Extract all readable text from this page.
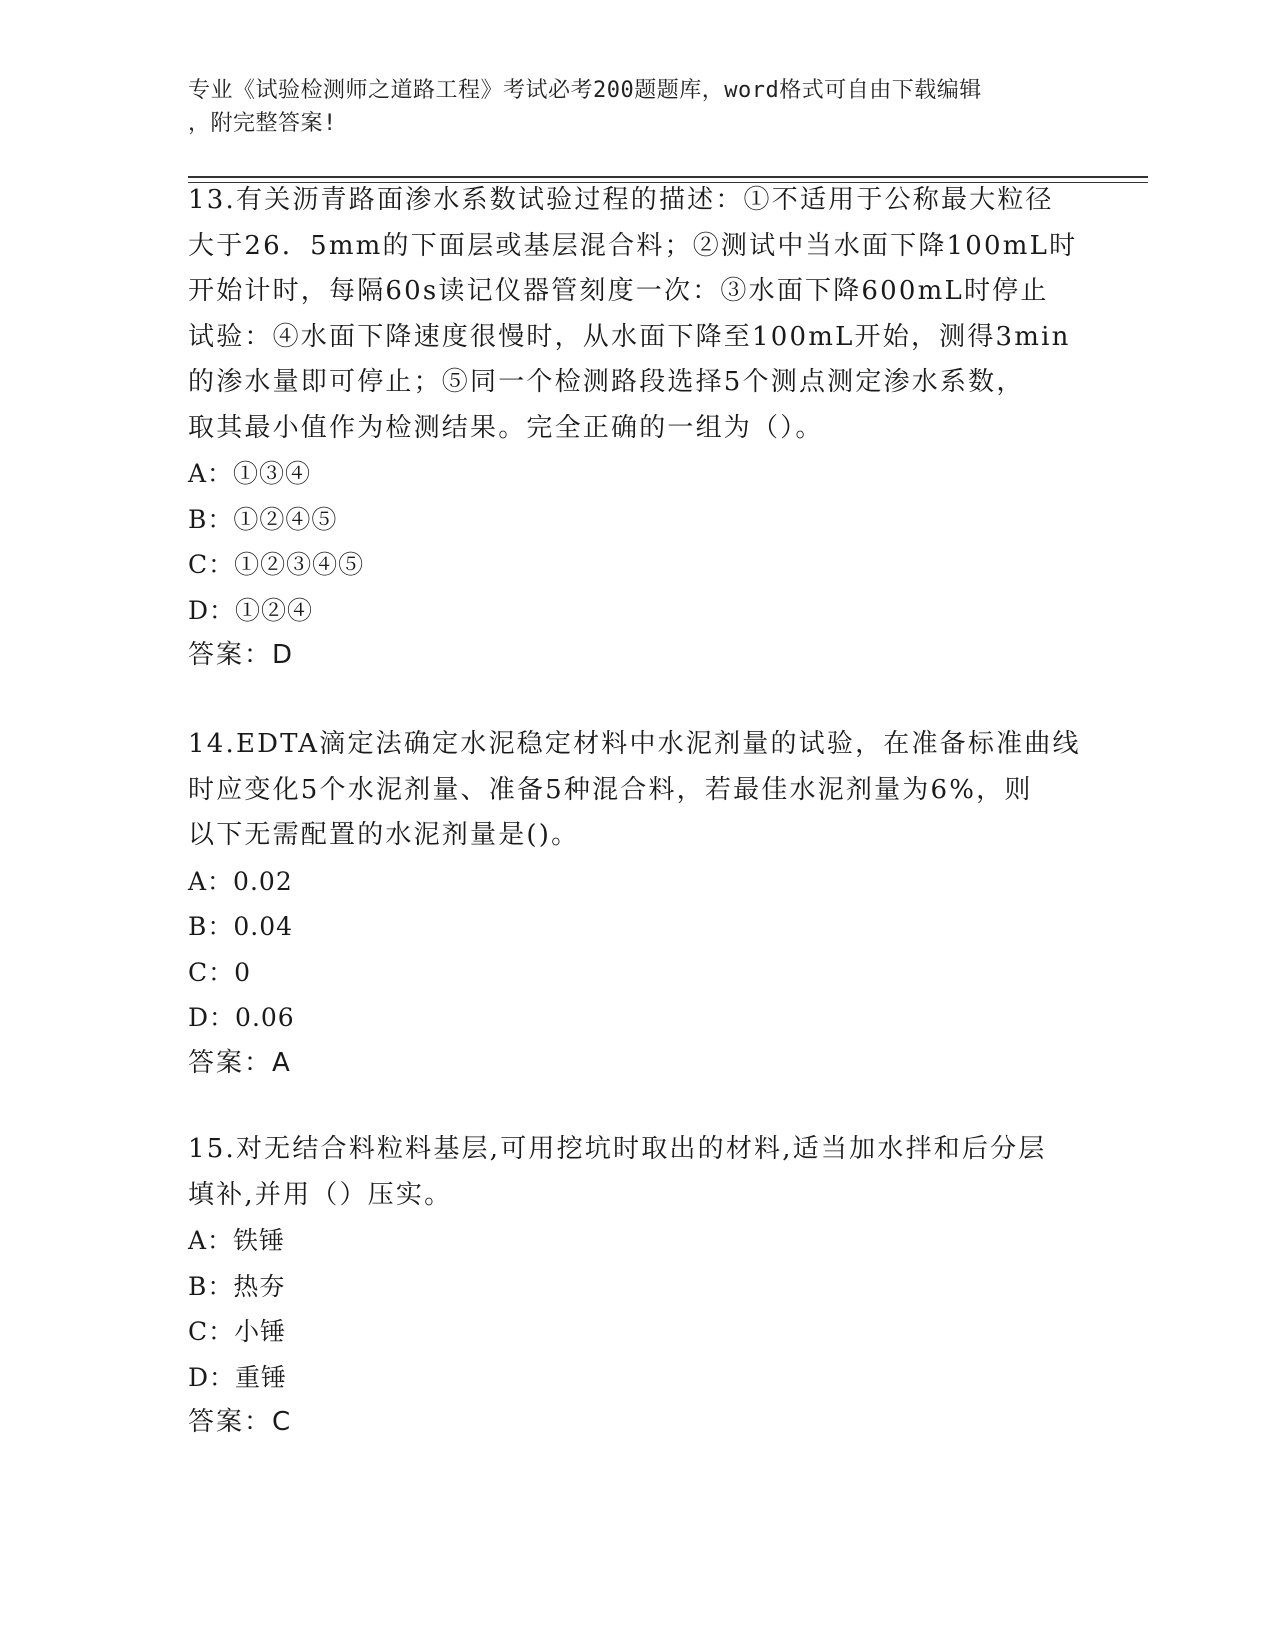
专业《试验检测师之道路工程》考试必考200题题库，word格式可自由下载编辑
，附完整答案!
13.有关沥青路面渗水系数试验过程的描述：①不适用于公称最大粒径
大于26．5mm的下面层或基层混合料；②测试中当水面下降100mL时
开始计时，每隔60s读记仪器管刻度一次：③水面下降600mL时停止
试验：④水面下降速度很慢时，从水面下降至100mL开始，测得3min
的渗水量即可停止；⑤同一个检测路段选择5个测点测定渗水系数，
取其最小值作为检测结果。完全正确的一组为（）。
A：①③④
B：①②④⑤
C：①②③④⑤
D：①②④
答案：D
14.EDTA滴定法确定水泥稳定材料中水泥剂量的试验，在准备标准曲线
时应变化5个水泥剂量、准备5种混合料，若最佳水泥剂量为6%，则
以下无需配置的水泥剂量是()。
A：0.02
B：0.04
C：0
D：0.06
答案：A
15.对无结合料粒料基层,可用挖坑时取出的材料,适当加水拌和后分层
填补,并用（）压实。
A：铁锤
B：热夯
C：小锤
D：重锤
答案：C
